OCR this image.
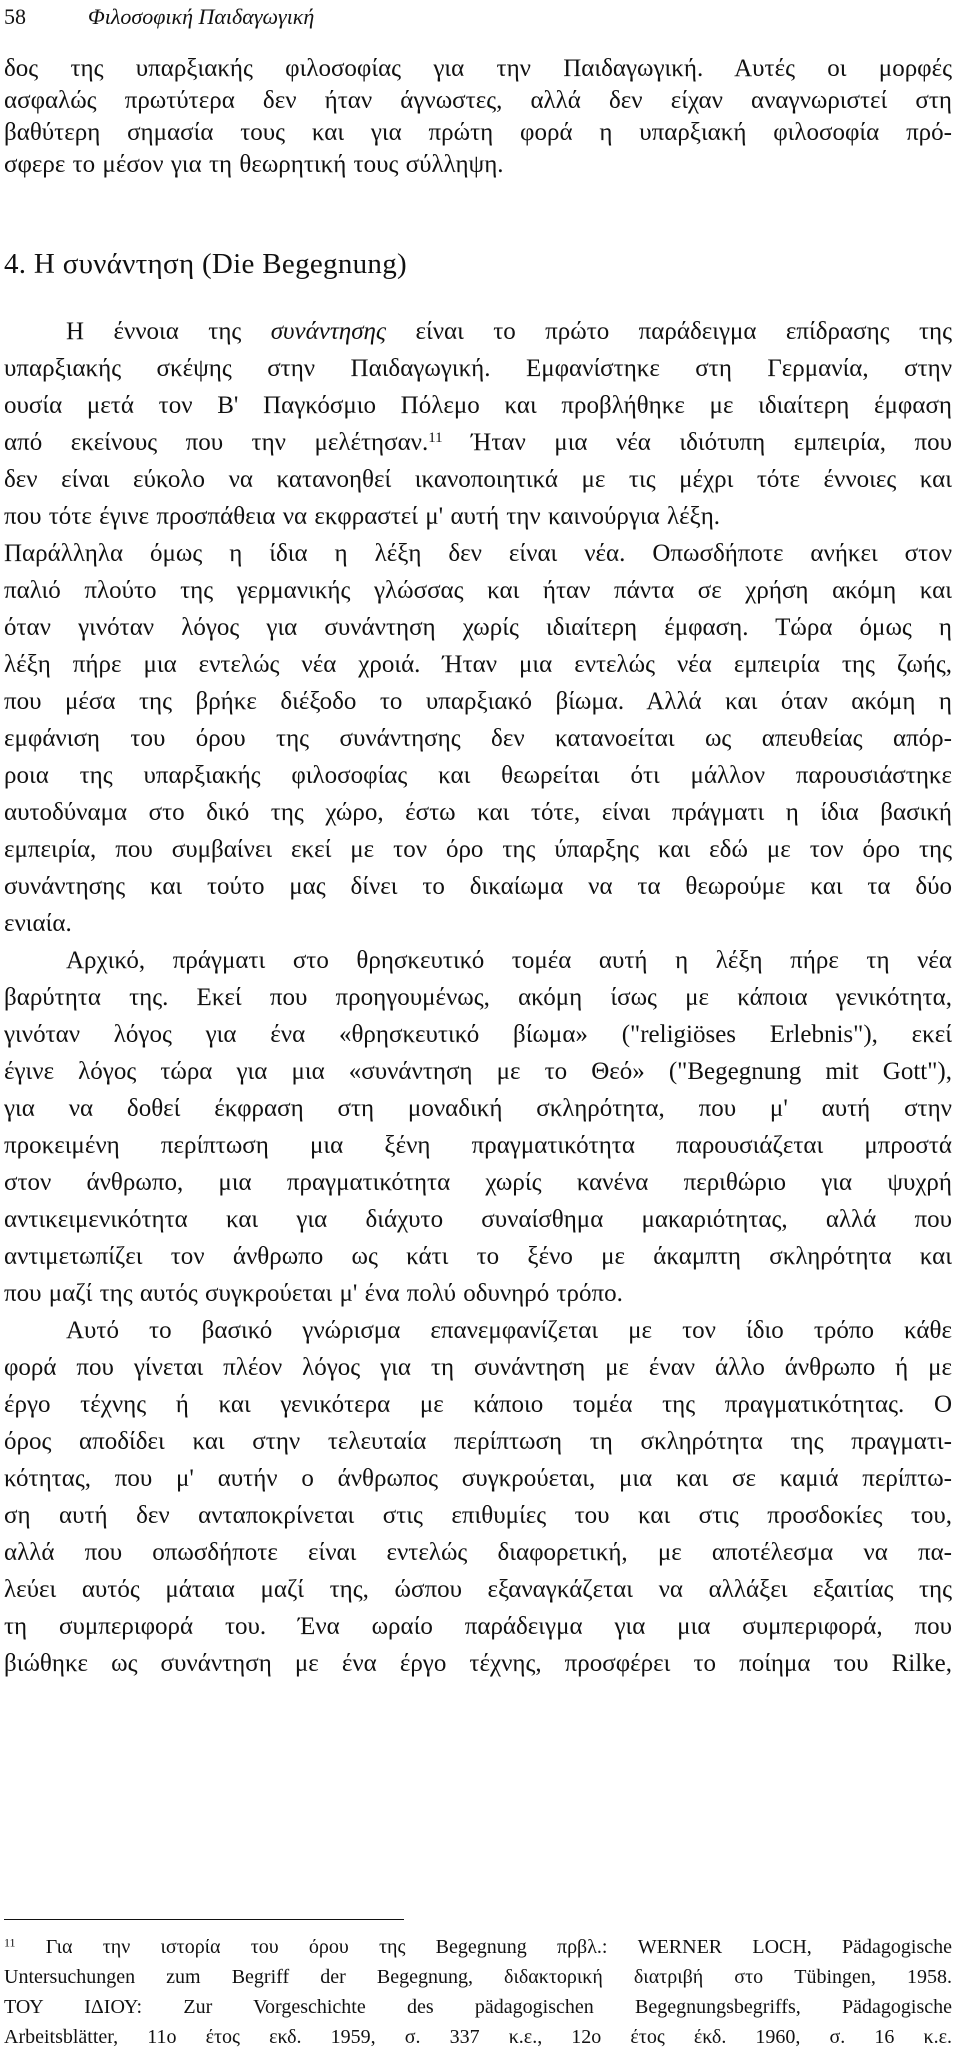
58	Φιλοσοφική Παιδαγωγική
δος της υπαρξιακής φιλοσοφίας για την Παιδαγωγική. Αυτές οι μορφές
ασφαλώς πρωτύτερα δεν ήταν άγνωστες, αλλά δεν είχαν αναγνωριστεί στη
βαθύτερη σημασία τους και για πρώτη φορά η υπαρξιακή φιλοσοφία πρό-
σφερε το μέσον για τη θεωρητική τους σύλληψη.
4. Η συνάντηση (Die Begegnung)
Η έννοια της συνάντησης είναι το πρώτο παράδειγμα επίδρασης της
υπαρξιακής σκέψης στην Παιδαγωγική. Εμφανίστηκε στη Γερμανία, στην
ουσία μετά τον Β' Παγκόσμιο Πόλεμο και προβλήθηκε με ιδιαίτερη έμφαση
από εκείνους που την μελέτησαν.$^{11}$ Ήταν μια νέα ιδιότυπη εμπειρία, που
δεν είναι εύκολο να κατανοηθεί ικανοποιητικά με τις μέχρι τότε έννοιες και
που τότε έγινε προσπάθεια να εκφραστεί μ' αυτή την καινούργια λέξη.
Παράλληλα όμως η ίδια η λέξη δεν είναι νέα. Οπωσδήποτε ανήκει στον
παλιό πλούτο της γερμανικής γλώσσας και ήταν πάντα σε χρήση ακόμη και
όταν γινόταν λόγος για συνάντηση χωρίς ιδιαίτερη έμφαση. Τώρα όμως η
λέξη πήρε μια εντελώς νέα χροιά. Ήταν μια εντελώς νέα εμπειρία της ζωής,
που μέσα της βρήκε διέξοδο το υπαρξιακό βίωμα. Αλλά και όταν ακόμη η
εμφάνιση του όρου της συνάντησης δεν κατανοείται ως απευθείας απόρ-
ροια της υπαρξιακής φιλοσοφίας και θεωρείται ότι μάλλον παρουσιάστηκε
αυτοδύναμα στο δικό της χώρο, έστω και τότε, είναι πράγματι η ίδια βασική
εμπειρία, που συμβαίνει εκεί με τον όρο της ύπαρξης και εδώ με τον όρο της
συνάντησης και τούτο μας δίνει το δικαίωμα να τα θεωρούμε και τα δύο
ενιαία.
Αρχικό, πράγματι στο θρησκευτικό τομέα αυτή η λέξη πήρε τη νέα
βαρύτητα της. Εκεί που προηγουμένως, ακόμη ίσως με κάποια γενικότητα,
γινόταν λόγος για ένα «θρησκευτικό βίωμα» ("religiöses Erlebnis"), εκεί
έγινε λόγος τώρα για μια «συνάντηση με το Θεό» ("Begegnung mit Gott"),
για να δοθεί έκφραση στη μοναδική σκληρότητα, που μ' αυτή στην
προκειμένη περίπτωση μια ξένη πραγματικότητα παρουσιάζεται μπροστά
στον άνθρωπο, μια πραγματικότητα χωρίς κανένα περιθώριο για ψυχρή
αντικειμενικότητα και για διάχυτο συναίσθημα μακαριότητας, αλλά που
αντιμετωπίζει τον άνθρωπο ως κάτι το ξένο με άκαμπτη σκληρότητα και
που μαζί της αυτός συγκρούεται μ' ένα πολύ οδυνηρό τρόπο.
Αυτό το βασικό γνώρισμα επανεμφανίζεται με τον ίδιο τρόπο κάθε
φορά που γίνεται πλέον λόγος για τη συνάντηση με έναν άλλο άνθρωπο ή με
έργο τέχνης ή και γενικότερα με κάποιο τομέα της πραγματικότητας. Ο
όρος αποδίδει και στην τελευταία περίπτωση τη σκληρότητα της πραγματι-
κότητας, που μ' αυτήν ο άνθρωπος συγκρούεται, μια και σε καμιά περίπτω-
ση αυτή δεν ανταποκρίνεται στις επιθυμίες του και στις προσδοκίες του,
αλλά που οπωσδήποτε είναι εντελώς διαφορετική, με αποτέλεσμα να πα-
λεύει αυτός μάταια μαζί της, ώσπου εξαναγκάζεται να αλλάξει εξαιτίας της
τη συμπεριφορά του. Ένα ωραίο παράδειγμα για μια συμπεριφορά, που
βιώθηκε ως συνάντηση με ένα έργο τέχνης, προσφέρει το ποίημα του Rilke,
$^{11}$ Για την ιστορία του όρου της Begegnung πρβλ.: WERNER LOCH, Pädagogische
Untersuchungen zum Begriff der Begegnung, διδακτορική διατριβή στο Tübingen, 1958.
ΤΟΥ ΙΔΙΟΥ: Zur Vorgeschichte des pädagogischen Begegnungsbegriffs, Pädagogische
Arbeitsblätter, 11ο έτος εκδ. 1959, σ. 337 κ.ε., 12ο έτος έκδ. 1960, σ. 16 κ.ε.
